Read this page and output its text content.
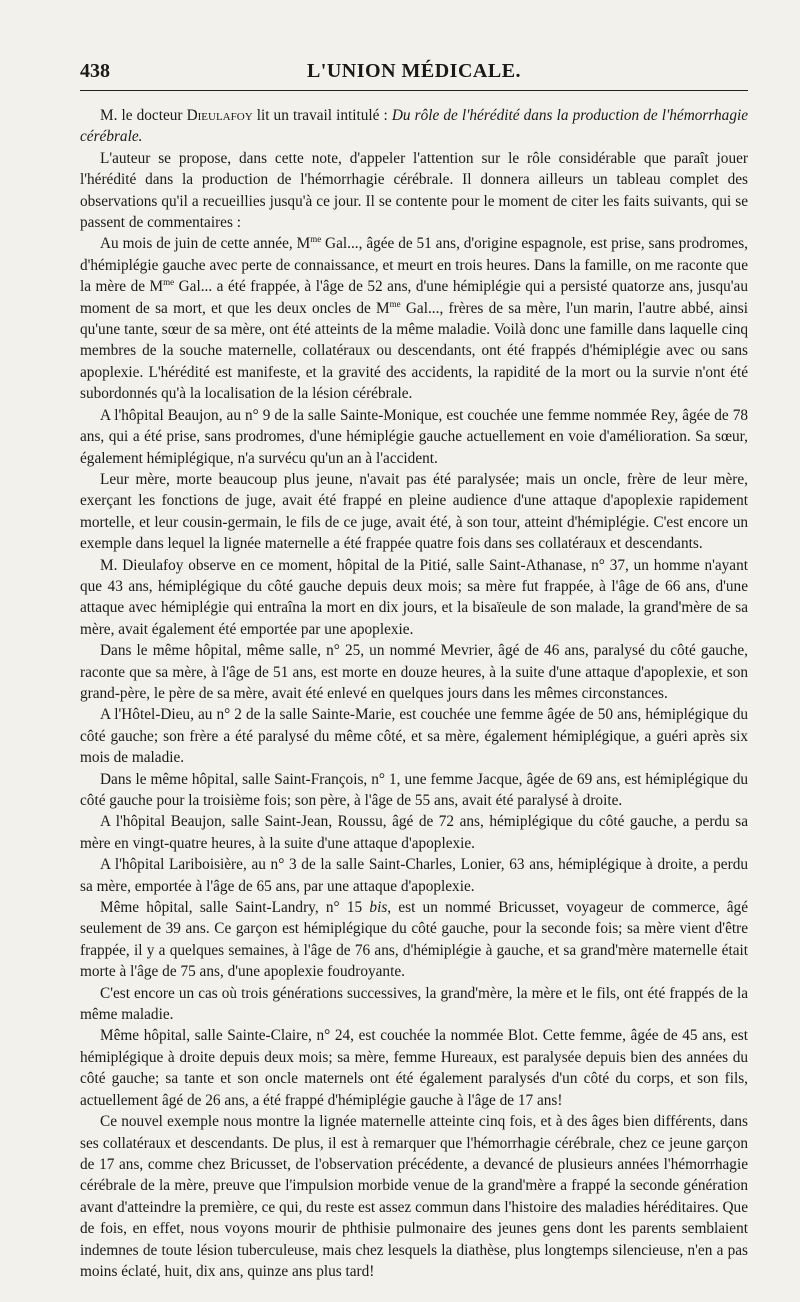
438	L'UNION MÉDICALE.

M. le docteur Dieulafoy lit un travail intitulé : Du rôle de l'hérédité dans la production de l'hémorrhagie cérébrale.

L'auteur se propose, dans cette note, d'appeler l'attention sur le rôle considérable que paraît jouer l'hérédité dans la production de l'hémorrhagie cérébrale. Il donnera ailleurs un tableau complet des observations qu'il a recueillies jusqu'à ce jour. Il se contente pour le moment de citer les faits suivants, qui se passent de commentaires :

Au mois de juin de cette année, $M^{me}$ Gal..., âgée de 51 ans, d'origine espagnole, est prise, sans prodromes, d'hémiplégie gauche avec perte de connaissance, et meurt en trois heures. Dans la famille, on me raconte que la mère de $M^{me}$ Gal... a été frappée, à l'âge de 52 ans, d'une hémiplégie qui a persisté quatorze ans, jusqu'au moment de sa mort, et que les deux oncles de $M^{me}$ Gal..., frères de sa mère, l'un marin, l'autre abbé, ainsi qu'une tante, sœur de sa mère, ont été atteints de la même maladie. Voilà donc une famille dans laquelle cinq membres de la souche maternelle, collatéraux ou descendants, ont été frappés d'hémiplégie avec ou sans apoplexie. L'hérédité est manifeste, et la gravité des accidents, la rapidité de la mort ou la survie n'ont été subordonnés qu'à la localisation de la lésion cérébrale.

A l'hôpital Beaujon, au n° 9 de la salle Sainte-Monique, est couchée une femme nommée Rey, âgée de 78 ans, qui a été prise, sans prodromes, d'une hémiplégie gauche actuellement en voie d'amélioration. Sa sœur, également hémiplégique, n'a survécu qu'un an à l'accident.

Leur mère, morte beaucoup plus jeune, n'avait pas été paralysée; mais un oncle, frère de leur mère, exerçant les fonctions de juge, avait été frappé en pleine audience d'une attaque d'apoplexie rapidement mortelle, et leur cousin-germain, le fils de ce juge, avait été, à son tour, atteint d'hémiplégie. C'est encore un exemple dans lequel la lignée maternelle a été frappée quatre fois dans ses collatéraux et descendants.

M. Dieulafoy observe en ce moment, hôpital de la Pitié, salle Saint-Athanase, n° 37, un homme n'ayant que 43 ans, hémiplégique du côté gauche depuis deux mois; sa mère fut frappée, à l'âge de 66 ans, d'une attaque avec hémiplégie qui entraîna la mort en dix jours, et la bisaïeule de son malade, la grand'mère de sa mère, avait également été emportée par une apoplexie.

Dans le même hôpital, même salle, n° 25, un nommé Mevrier, âgé de 46 ans, paralysé du côté gauche, raconte que sa mère, à l'âge de 51 ans, est morte en douze heures, à la suite d'une attaque d'apoplexie, et son grand-père, le père de sa mère, avait été enlevé en quelques jours dans les mêmes circonstances.

A l'Hôtel-Dieu, au n° 2 de la salle Sainte-Marie, est couchée une femme âgée de 50 ans, hémiplégique du côté gauche; son frère a été paralysé du même côté, et sa mère, également hémiplégique, a guéri après six mois de maladie.

Dans le même hôpital, salle Saint-François, n° 1, une femme Jacque, âgée de 69 ans, est hémiplégique du côté gauche pour la troisième fois; son père, à l'âge de 55 ans, avait été paralysé à droite.

A l'hôpital Beaujon, salle Saint-Jean, Roussu, âgé de 72 ans, hémiplégique du côté gauche, a perdu sa mère en vingt-quatre heures, à la suite d'une attaque d'apoplexie.

A l'hôpital Lariboisière, au n° 3 de la salle Saint-Charles, Lonier, 63 ans, hémiplégique à droite, a perdu sa mère, emportée à l'âge de 65 ans, par une attaque d'apoplexie.

Même hôpital, salle Saint-Landry, n° 15 bis, est un nommé Bricusset, voyageur de commerce, âgé seulement de 39 ans. Ce garçon est hémiplégique du côté gauche, pour la seconde fois; sa mère vient d'être frappée, il y a quelques semaines, à l'âge de 76 ans, d'hémiplégie à gauche, et sa grand'mère maternelle était morte à l'âge de 75 ans, d'une apoplexie foudroyante.

C'est encore un cas où trois générations successives, la grand'mère, la mère et le fils, ont été frappés de la même maladie.

Même hôpital, salle Sainte-Claire, n° 24, est couchée la nommée Blot. Cette femme, âgée de 45 ans, est hémiplégique à droite depuis deux mois; sa mère, femme Hureaux, est paralysée depuis bien des années du côté gauche; sa tante et son oncle maternels ont été également paralysés d'un côté du corps, et son fils, actuellement âgé de 26 ans, a été frappé d'hémiplégie gauche à l'âge de 17 ans!

Ce nouvel exemple nous montre la lignée maternelle atteinte cinq fois, et à des âges bien différents, dans ses collatéraux et descendants. De plus, il est à remarquer que l'hémorrhagie cérébrale, chez ce jeune garçon de 17 ans, comme chez Bricusset, de l'observation précédente, a devancé de plusieurs années l'hémorrhagie cérébrale de la mère, preuve que l'impulsion morbide venue de la grand'mère a frappé la seconde génération avant d'atteindre la première, ce qui, du reste est assez commun dans l'histoire des maladies héréditaires. Que de fois, en effet, nous voyons mourir de phthisie pulmonaire des jeunes gens dont les parents semblaient indemnes de toute lésion tuberculeuse, mais chez lesquels la diathèse, plus longtemps silencieuse, n'en a pas moins éclaté, huit, dix ans, quinze ans plus tard!
